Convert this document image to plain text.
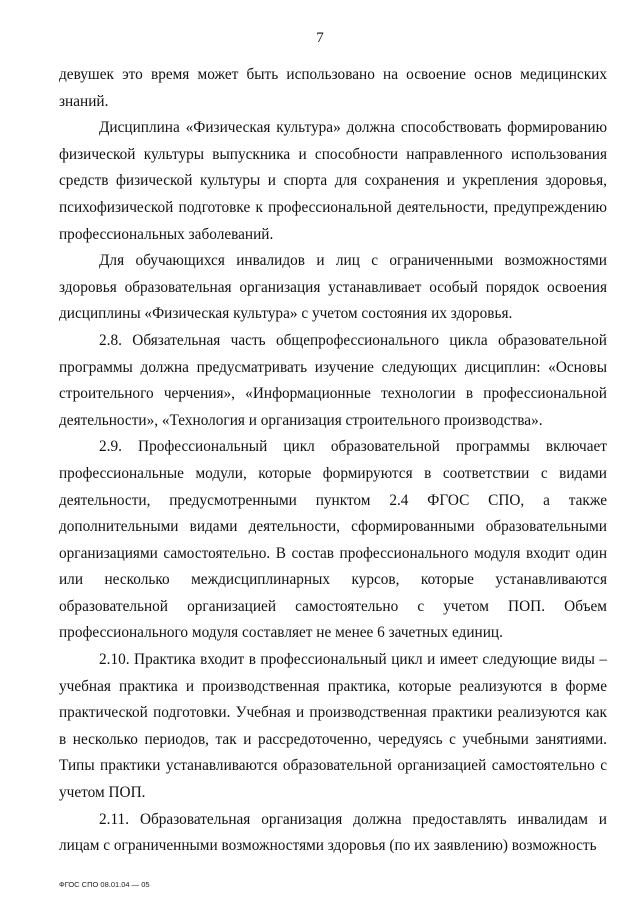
7

девушек это время может быть использовано на освоение основ медицинских знаний.

Дисциплина «Физическая культура» должна способствовать формированию физической культуры выпускника и способности направленного использования средств физической культуры и спорта для сохранения и укрепления здоровья, психофизической подготовке к профессиональной деятельности, предупреждению профессиональных заболеваний.

Для обучающихся инвалидов и лиц с ограниченными возможностями здоровья образовательная организация устанавливает особый порядок освоения дисциплины «Физическая культура» с учетом состояния их здоровья.

2.8. Обязательная часть общепрофессионального цикла образовательной программы должна предусматривать изучение следующих дисциплин: «Основы строительного черчения», «Информационные технологии в профессиональной деятельности», «Технология и организация строительного производства».

2.9. Профессиональный цикл образовательной программы включает профессиональные модули, которые формируются в соответствии с видами деятельности, предусмотренными пунктом 2.4 ФГОС СПО, а также дополнительными видами деятельности, сформированными образовательными организациями самостоятельно. В состав профессионального модуля входит один или несколько междисциплинарных курсов, которые устанавливаются образовательной организацией самостоятельно с учетом ПОП. Объем профессионального модуля составляет не менее 6 зачетных единиц.

2.10. Практика входит в профессиональный цикл и имеет следующие виды – учебная практика и производственная практика, которые реализуются в форме практической подготовки. Учебная и производственная практики реализуются как в несколько периодов, так и рассредоточенно, чередуясь с учебными занятиями. Типы практики устанавливаются образовательной организацией самостоятельно с учетом ПОП.

2.11. Образовательная организация должна предоставлять инвалидам и лицам с ограниченными возможностями здоровья (по их заявлению) возможность

ФГОС СПО 08.01.04 — 05
